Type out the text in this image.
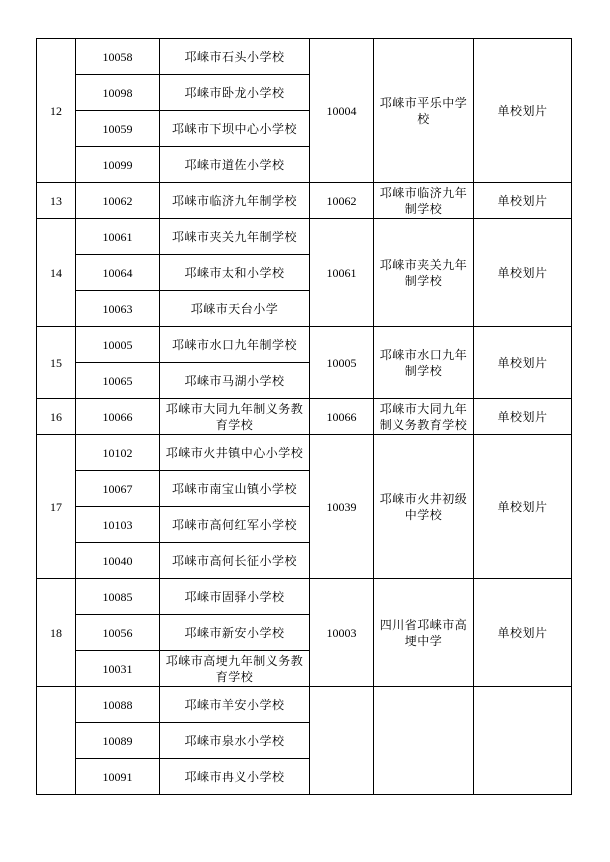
12	10058	邛崃市石头小学校	10004	邛崃市平乐中学校	单校划片
	10098	邛崃市卧龙小学校			
	10059	邛崃市下坝中心小学校			
	10099	邛崃市道佐小学校			
13	10062	邛崃市临济九年制学校	10062	邛崃市临济九年制学校	单校划片
14	10061	邛崃市夹关九年制学校	10061	邛崃市夹关九年制学校	单校划片
	10064	邛崃市太和小学校			
	10063	邛崃市天台小学			
15	10005	邛崃市水口九年制学校	10005	邛崃市水口九年制学校	单校划片
	10065	邛崃市马湖小学校			
16	10066	邛崃市大同九年制义务教育学校	10066	邛崃市大同九年制义务教育学校	单校划片
17	10102	邛崃市火井镇中心小学校	10039	邛崃市火井初级中学校	单校划片
	10067	邛崃市南宝山镇小学校			
	10103	邛崃市高何红军小学校			
	10040	邛崃市高何长征小学校			
18	10085	邛崃市固驿小学校	10003	四川省邛崃市高埂中学	单校划片
	10056	邛崃市新安小学校			
	10031	邛崃市高埂九年制义务教育学校			
	10088	邛崃市羊安小学校			
	10089	邛崃市泉水小学校			
	10091	邛崃市冉义小学校			
